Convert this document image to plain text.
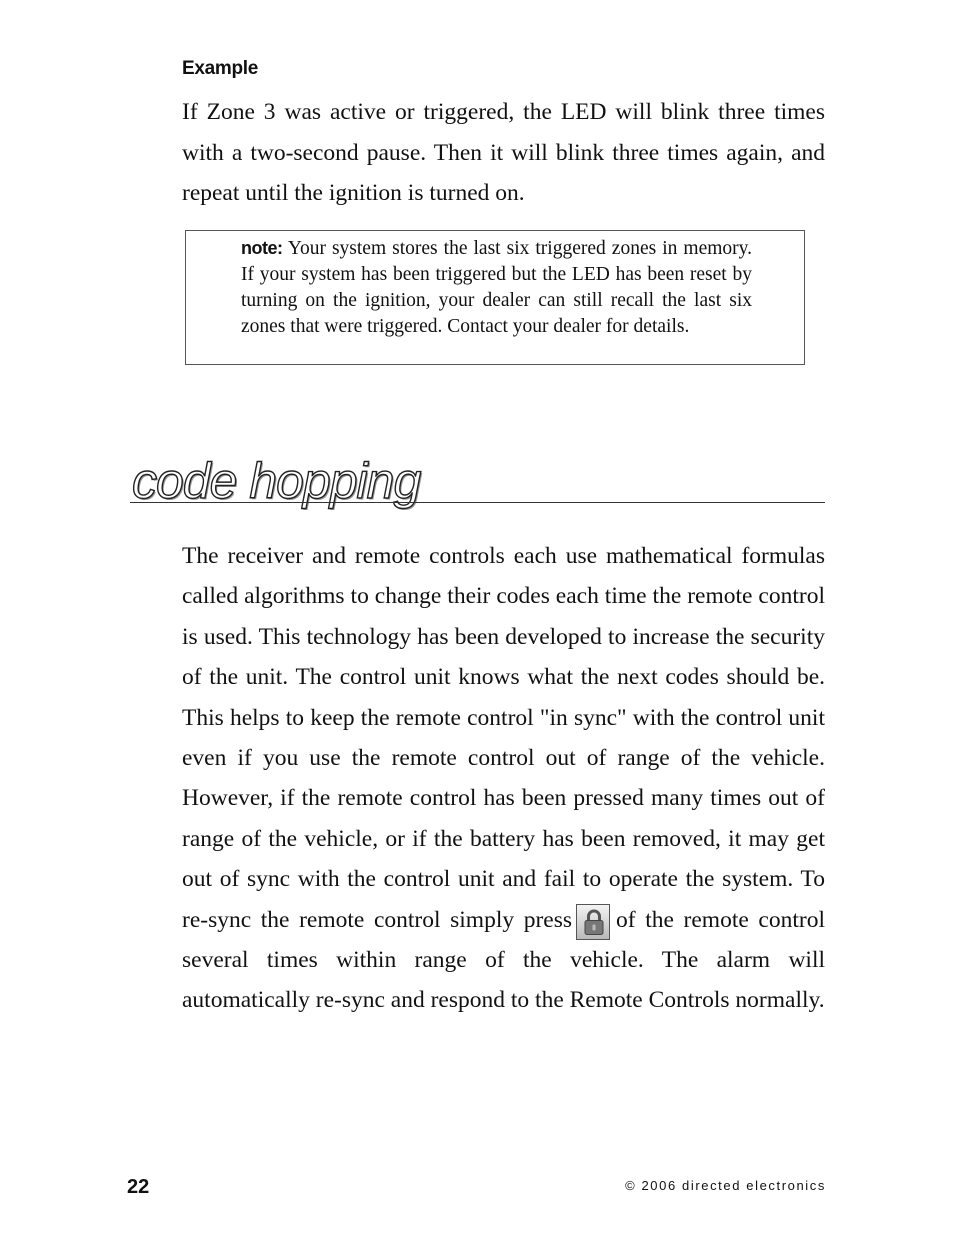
Example

If Zone 3 was active or triggered, the LED will blink three times with a two-second pause. Then it will blink three times again, and repeat until the ignition is turned on.

note: Your system stores the last six triggered zones in memory. If your system has been triggered but the LED has been reset by turning on the ignition, your dealer can still recall the last six zones that were triggered. Contact your dealer for details.

code hopping

The receiver and remote controls each use mathematical formulas called algorithms to change their codes each time the remote control is used. This technology has been developed to increase the security of the unit. The control unit knows what the next codes should be. This helps to keep the remote control "in sync" with the control unit even if you use the remote control out of range of the vehicle. However, if the remote control has been pressed many times out of range of the vehicle, or if the battery has been removed, it may get out of sync with the control unit and fail to operate the system. To re-sync the remote control simply press of the remote control several times within range of the vehicle. The alarm will automatically re-sync and respond to the Remote Controls normally.

22	© 2006 directed electronics
